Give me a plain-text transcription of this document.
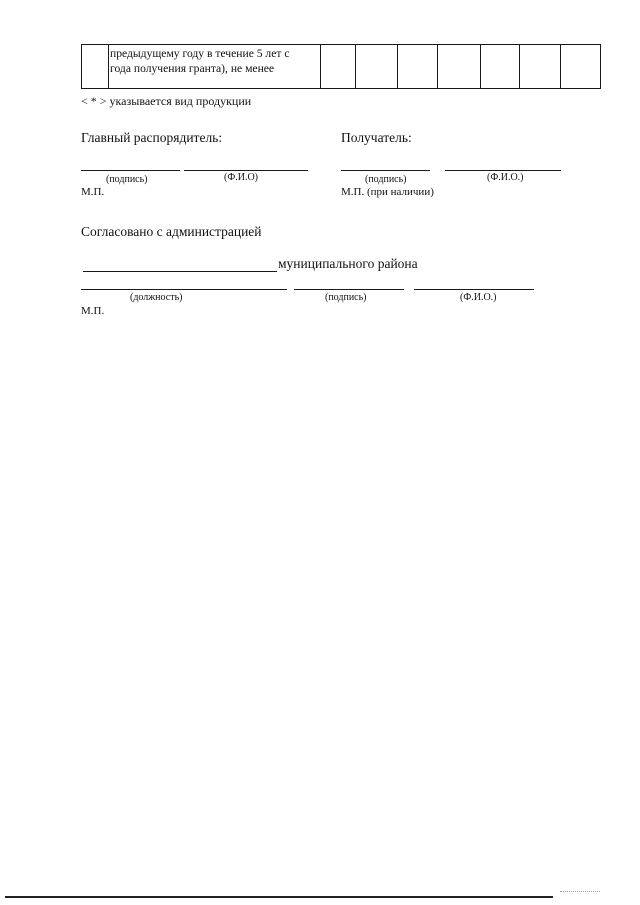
предыдущему году в течение 5 лет с
года получения гранта), не менее
< * > указывается вид продукции
Главный распорядитель:	Получатель:
(подпись)	(Ф.И.О)
М.П.
(подпись)	(Ф.И.О.)
М.П. (при наличии)
Согласовано с администрацией
муниципального района
(должность)	(подпись)	(Ф.И.О.)
М.П.
